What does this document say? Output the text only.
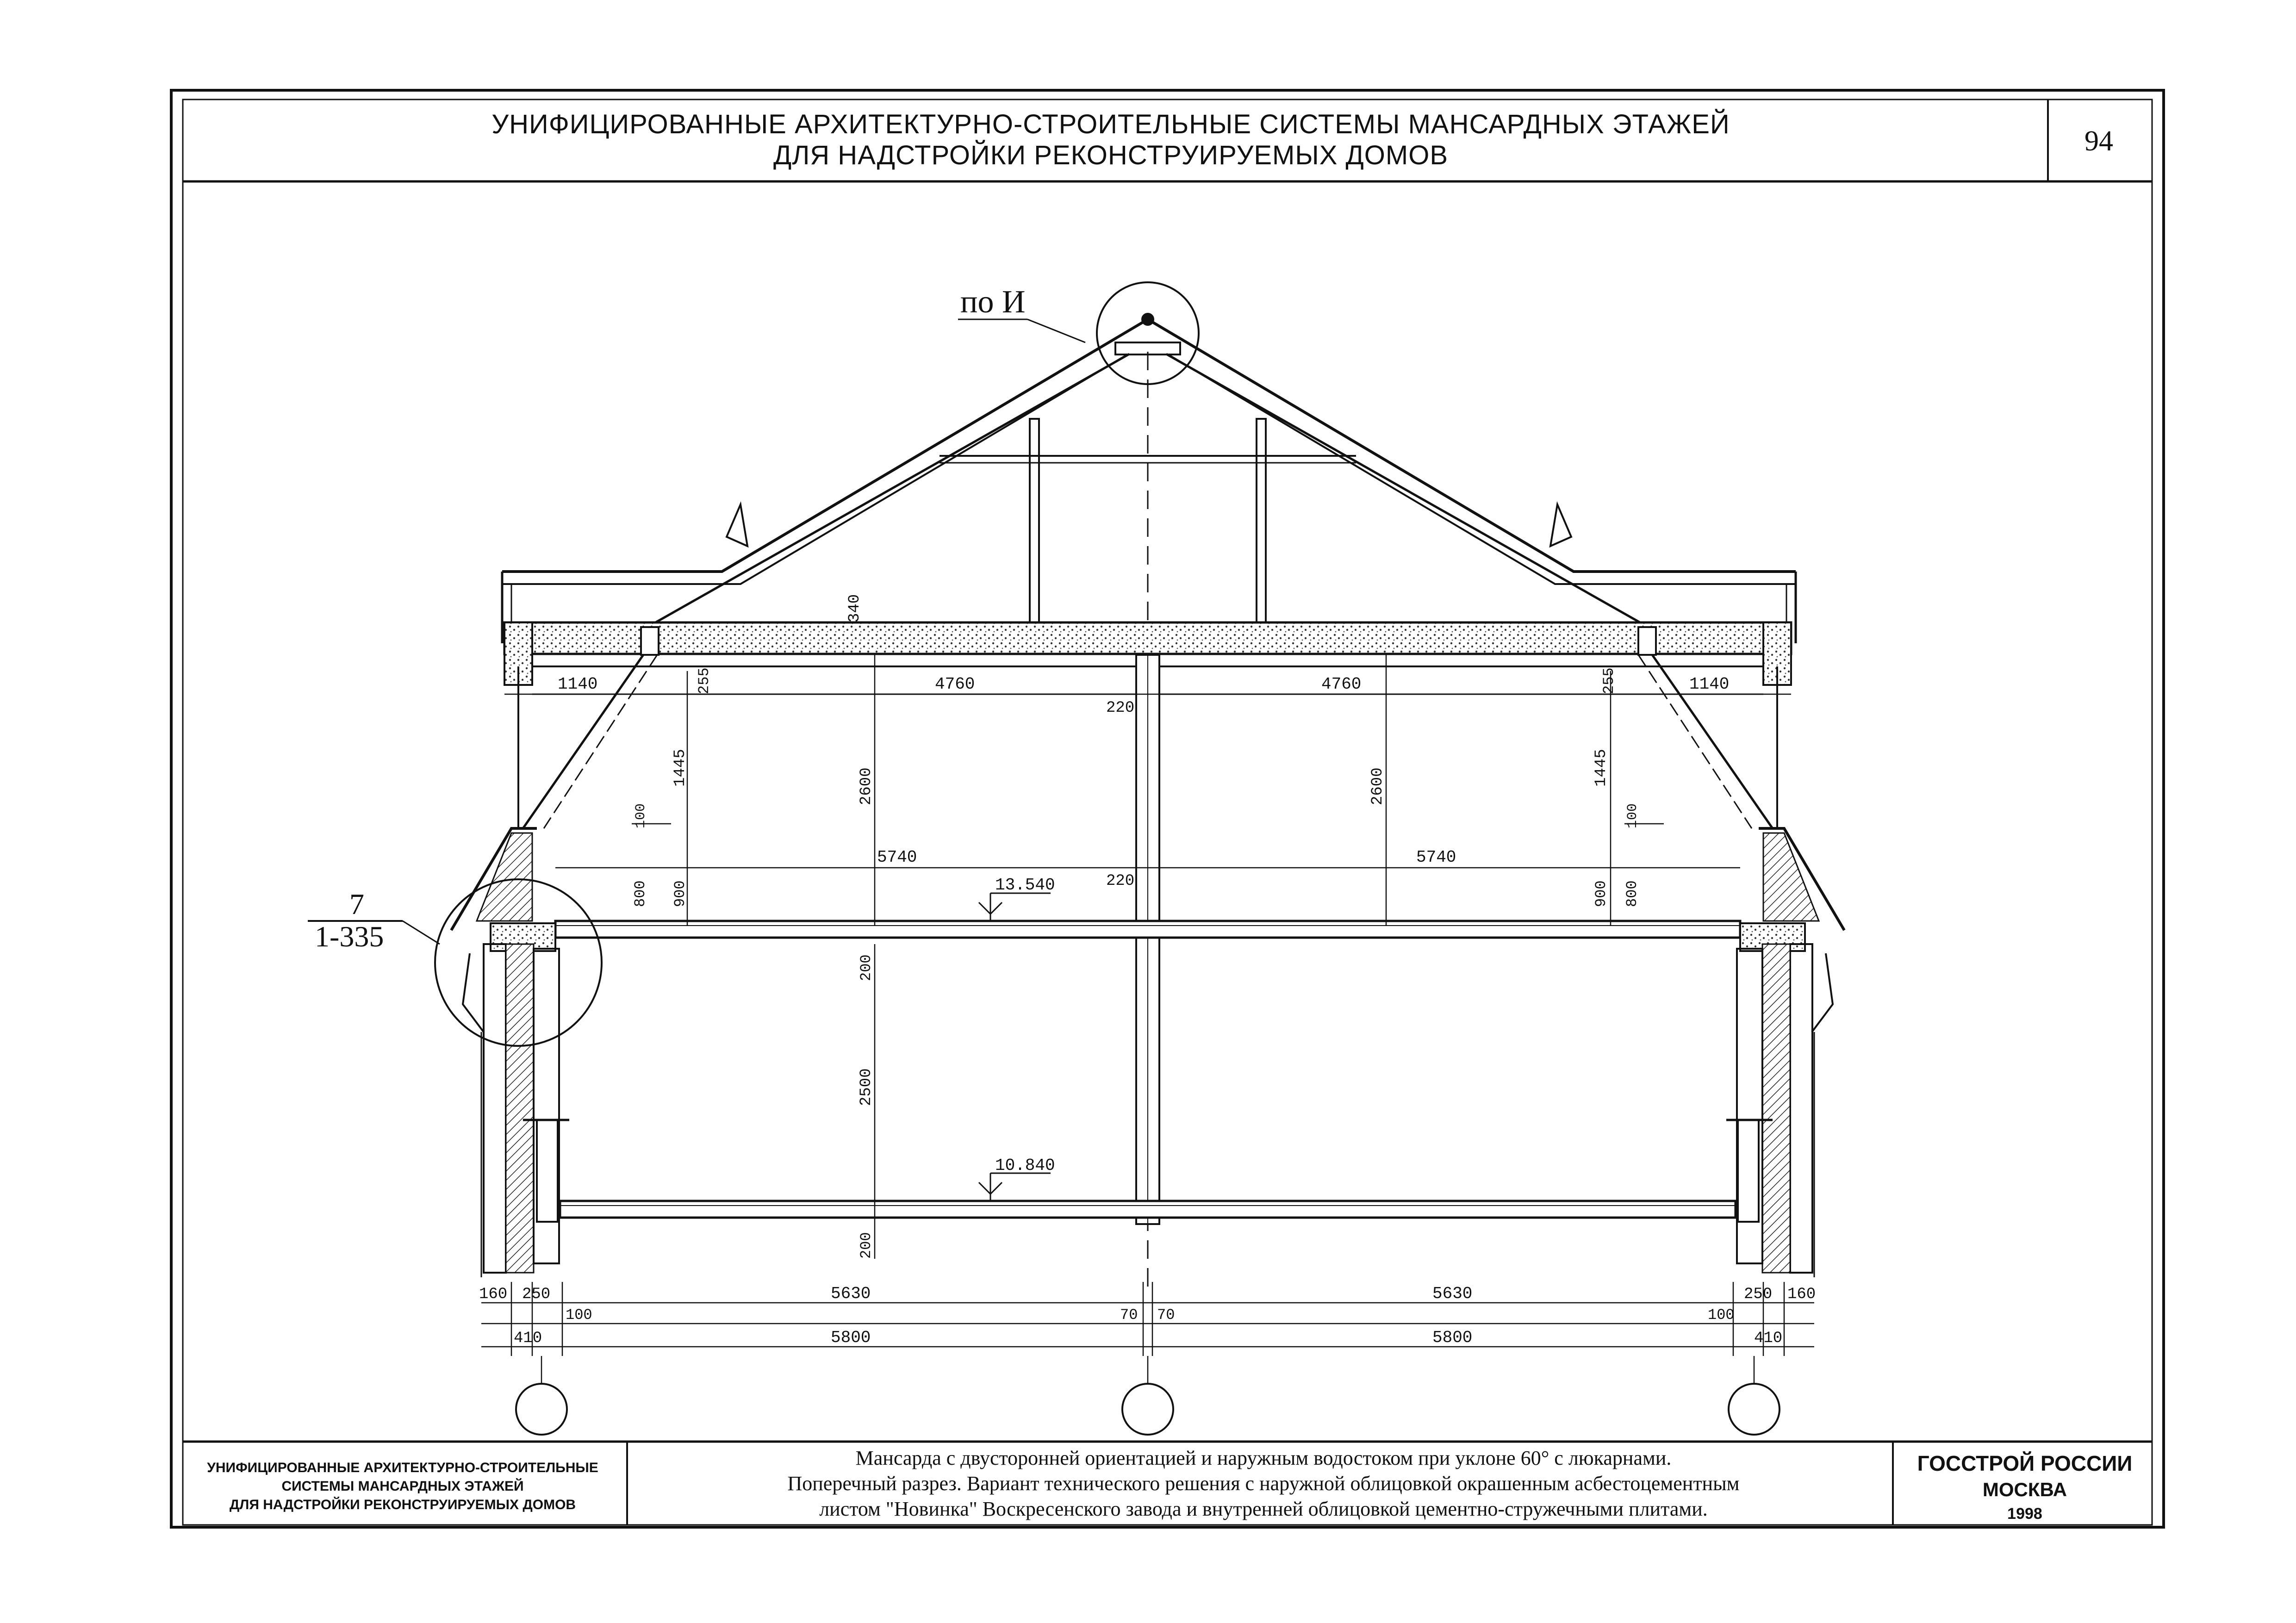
УНИФИЦИРОВАННЫЕ АРХИТЕКТУРНО-СТРОИТЕЛЬНЫЕ СИСТЕМЫ МАНСАРДНЫХ ЭТАЖЕЙ
ДЛЯ НАДСТРОЙКИ РЕКОНСТРУИРУЕМЫХ ДОМОВ	94
по И
7
1-335
13.540
10.840
1140	4760	4760	1140
340
255	255
220
220
1445	1445
2600	2600
100	100
800 900	900 800
200
2500
200
5740	5740
160 250	5630	5630	250 160
100	70 70	100
410	5800	5800	410
УНИФИЦИРОВАННЫЕ АРХИТЕКТУРНО-СТРОИТЕЛЬНЫЕ
СИСТЕМЫ МАНСАРДНЫХ ЭТАЖЕЙ
ДЛЯ НАДСТРОЙКИ РЕКОНСТРУИРУЕМЫХ ДОМОВ
Мансарда с двусторонней ориентацией и наружным водостоком при уклоне 60° с люкарнами.
Поперечный разрез. Вариант технического решения с наружной облицовкой окрашенным асбестоцементным
листом "Новинка" Воскресенского завода и внутренней облицовкой цементно-стружечными плитами.
ГОССТРОЙ РОССИИ
МОСКВА
1998
